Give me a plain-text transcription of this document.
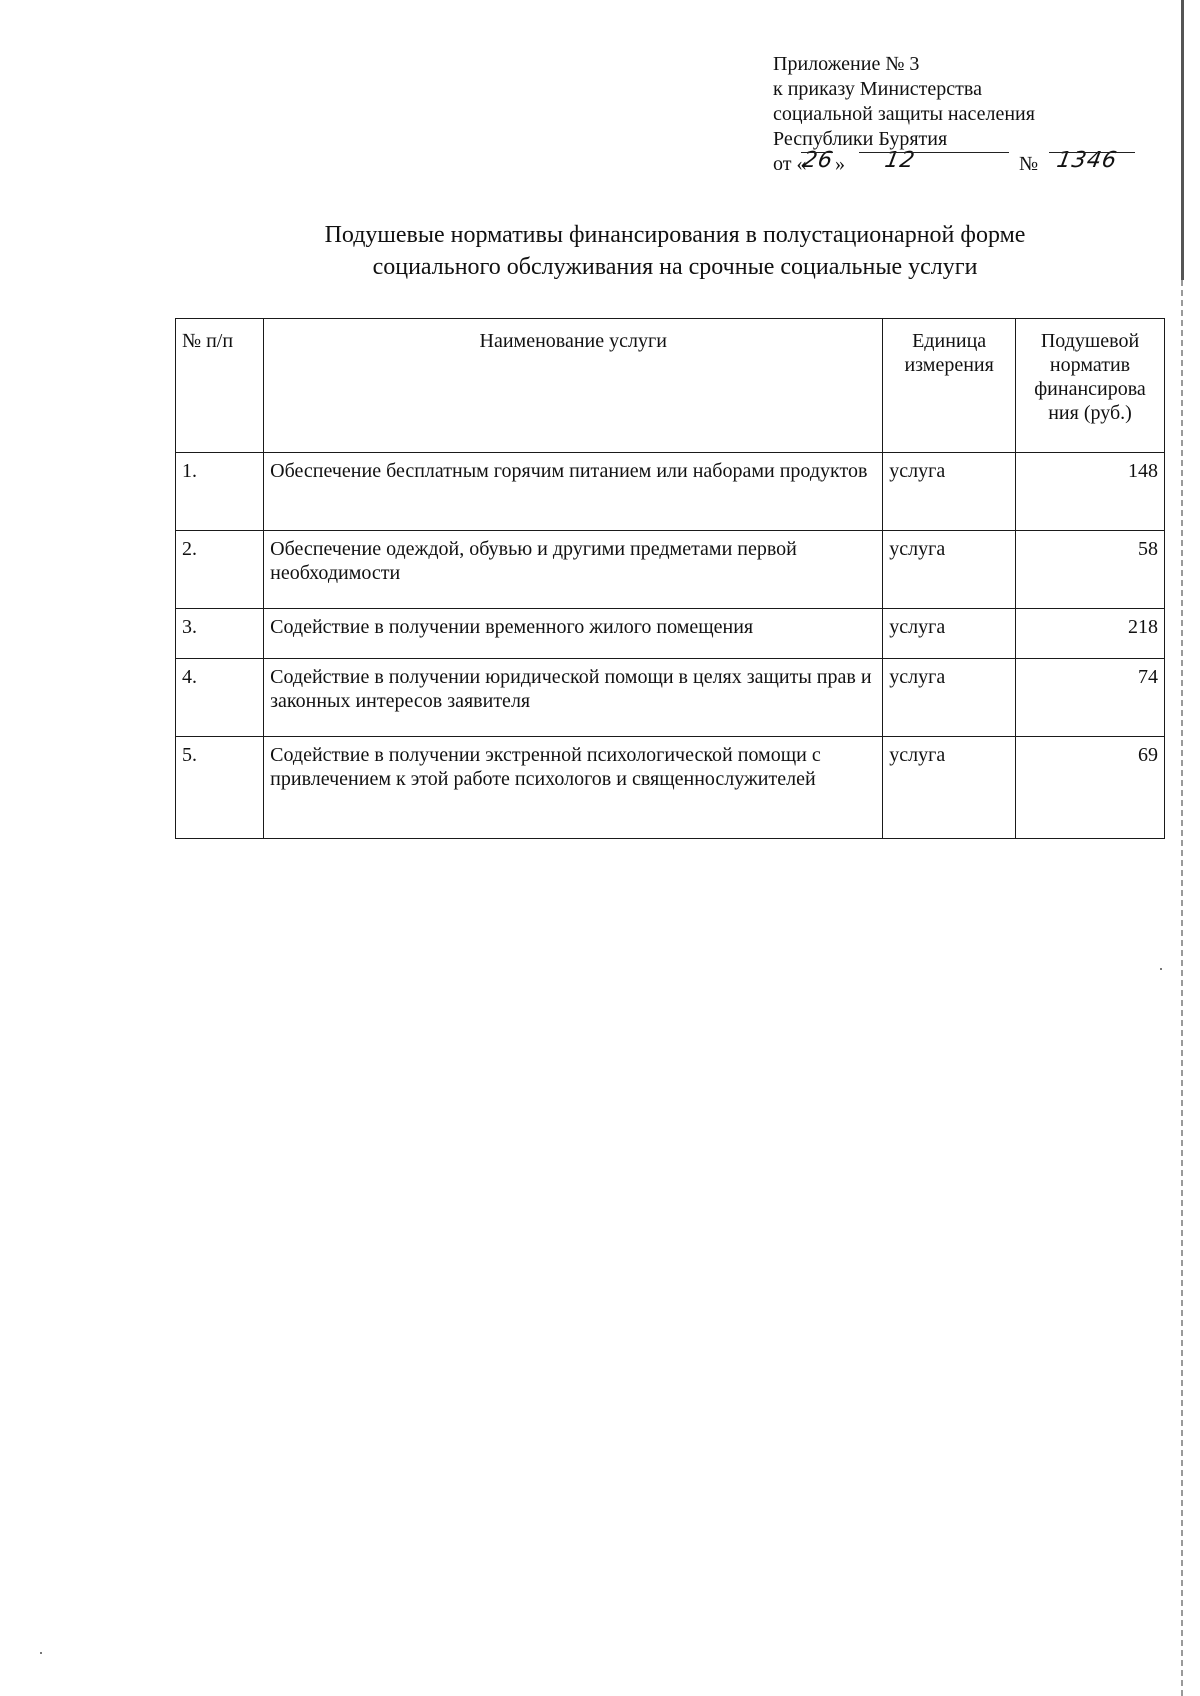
Приложение № 3
к приказу Министерства
социальной защиты населения
Республики Бурятия
от «
26 » 12	№ 1346
Подушевые нормативы финансирования в полустационарной форме
социального обслуживания на срочные социальные услуги
№ п/п	Наименование услуги	Единица измерения	Подушевой норматив финансирова ния (руб.)
1.	Обеспечение бесплатным горячим питанием или наборами продуктов	услуга	148
2.	Обеспечение одеждой, обувью и другими предметами первой необходимости	услуга	58
3.	Содействие в получении временного жилого помещения	услуга	218
4.	Содействие в получении юридической помощи в целях защиты прав и законных интересов заявителя	услуга	74
5.	Содействие в получении экстренной психологической помощи с привлечением к этой работе психологов и священнослужителей	услуга	69
